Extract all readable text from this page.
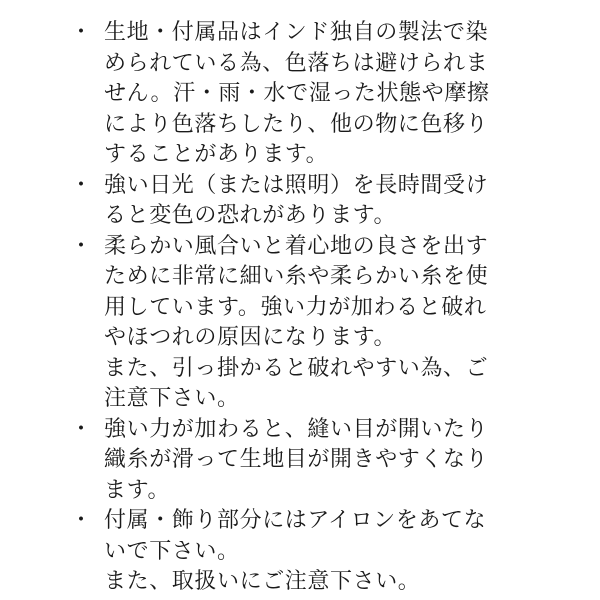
・ 生地・付属品はインド独自の製法で染
められている為、色落ちは避けられま
せん。汗・雨・水で湿った状態や摩擦
により色落ちしたり、他の物に色移り
することがあります。
・ 強い日光（または照明）を長時間受け
ると変色の恐れがあります。
・ 柔らかい風合いと着心地の良さを出す
ために非常に細い糸や柔らかい糸を使
用しています。強い力が加わると破れ
やほつれの原因になります。
また、引っ掛かると破れやすい為、ご
注意下さい。
・ 強い力が加わると、縫い目が開いたり
織糸が滑って生地目が開きやすくなり
ます。
・ 付属・飾り部分にはアイロンをあてな
いで下さい。
また、取扱いにご注意下さい。
